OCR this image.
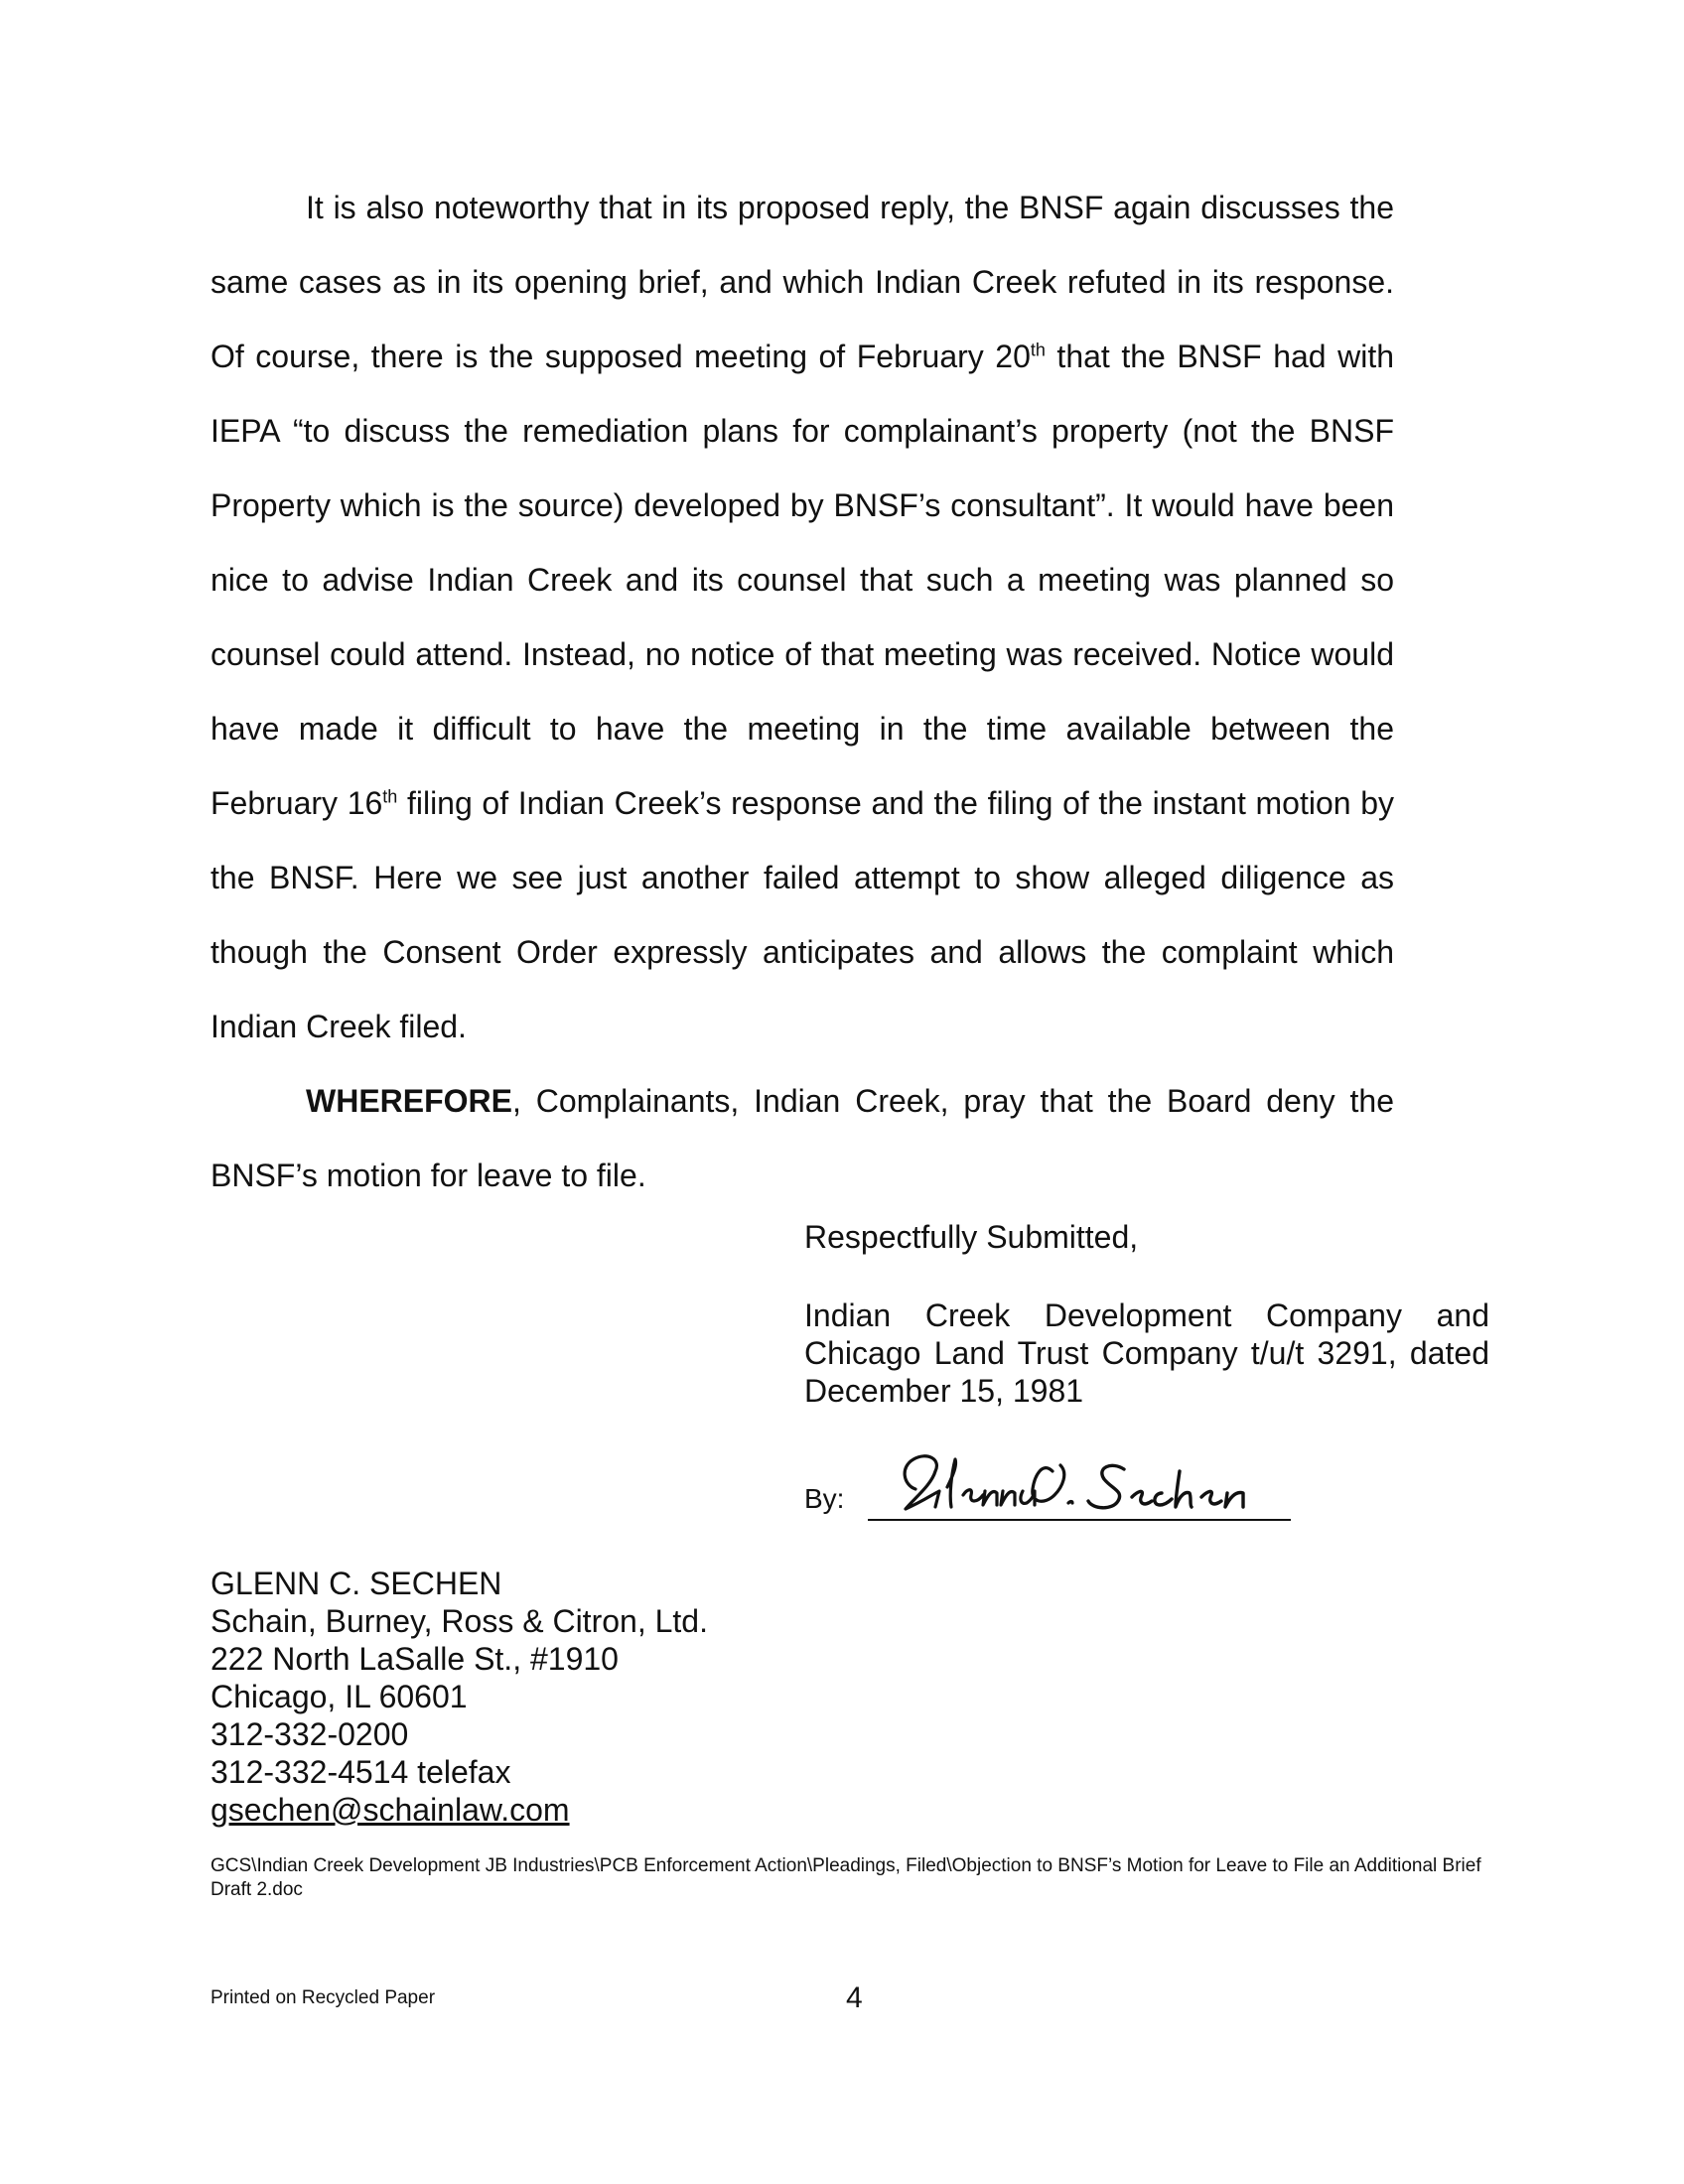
It is also noteworthy that in its proposed reply, the BNSF again discusses the same cases as in its opening brief, and which Indian Creek refuted in its response. Of course, there is the supposed meeting of February 20th that the BNSF had with IEPA “to discuss the remediation plans for complainant’s property (not the BNSF Property which is the source) developed by BNSF’s consultant”. It would have been nice to advise Indian Creek and its counsel that such a meeting was planned so counsel could attend. Instead, no notice of that meeting was received. Notice would have made it difficult to have the meeting in the time available between the February 16th filing of Indian Creek’s response and the filing of the instant motion by the BNSF. Here we see just another failed attempt to show alleged diligence as though the Consent Order expressly anticipates and allows the complaint which Indian Creek filed.

WHEREFORE, Complainants, Indian Creek, pray that the Board deny the BNSF’s motion for leave to file.

Respectfully Submitted,

Indian Creek Development Company and Chicago Land Trust Company t/u/t 3291, dated December 15, 1981

By:
GLENN C. SECHEN
Schain, Burney, Ross & Citron, Ltd.
222 North LaSalle St., #1910
Chicago, IL 60601
312-332-0200
312-332-4514 telefax
gsechen@schainlaw.com
GCS\Indian Creek Development JB Industries\PCB Enforcement Action\Pleadings, Filed\Objection to BNSF’s Motion for Leave to File an Additional Brief Draft 2.doc
Printed on Recycled Paper	4
